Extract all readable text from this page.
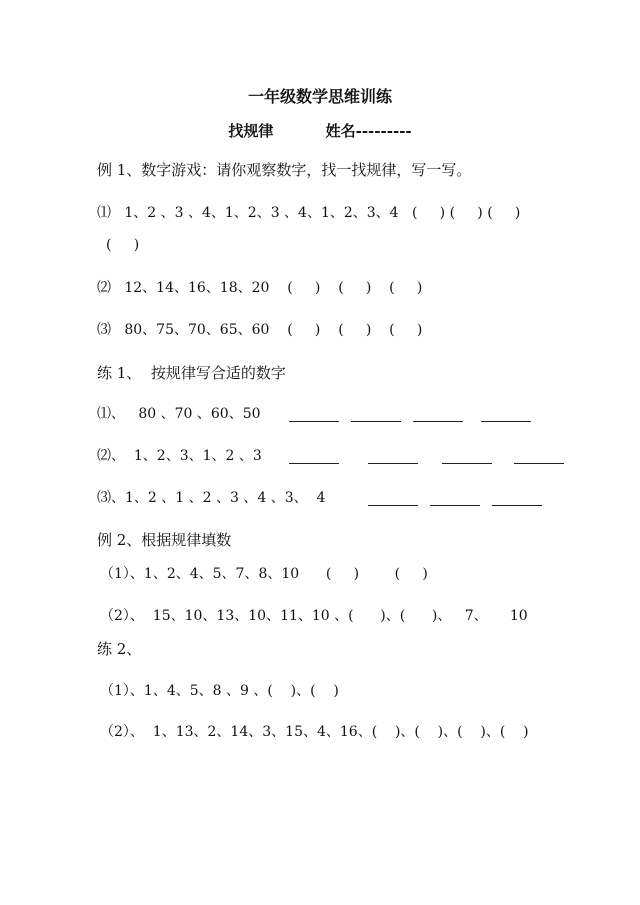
一年级数学思维训练
找规律	姓名---------
例 1、数字游戏：请你观察数字，找一找规律，写一写。
⑴   1、2 、3 、4、1、2、3 、4、1、2、3、4   (     ) (     ) (     )
(     )
⑵   12、14、16、18、20    (     )    (     )    (     )
⑶   80、75、70、65、60    (     )    (     )    (     )
练 1、  按规律写合适的数字
⑴、   80 、70 、60、50
⑵、  1、2、3、1、2 、3
⑶、1、2 、1 、2 、3 、4 、3、  4
例 2、根据规律填数
（1）、1、2、4、5、7、8、10      (     )        (     )
（2）、  15、10、13、10、11、10 、(      )、(      )、   7、     10
练 2、
（1）、1、4、5、8 、9 、(    )、(    )
（2）、  1、13、2、14、3、15、4、16、(    )、(    )、(    )、(    )
